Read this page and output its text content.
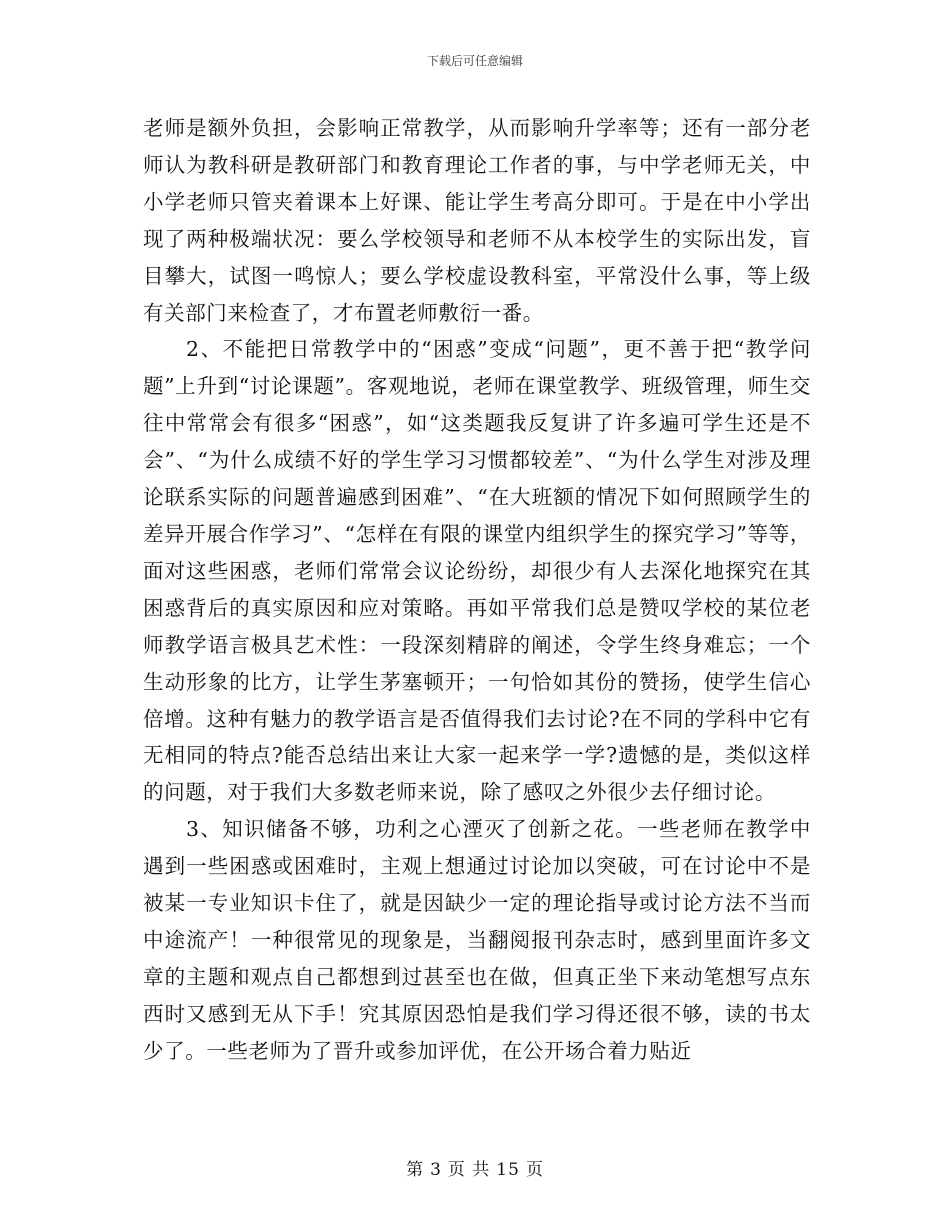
下载后可任意编辑

老师是额外负担，会影响正常教学，从而影响升学率等；还有一部分老师认为教科研是教研部门和教育理论工作者的事，与中学老师无关，中小学老师只管夹着课本上好课、能让学生考高分即可。于是在中小学出现了两种极端状况：要么学校领导和老师不从本校学生的实际出发，盲目攀大，试图一鸣惊人；要么学校虚设教科室，平常没什么事，等上级有关部门来检查了，才布置老师敷衍一番。

2、不能把日常教学中的“困惑”变成“问题”，更不善于把“教学问题”上升到“讨论课题”。客观地说，老师在课堂教学、班级管理，师生交往中常常会有很多“困惑”，如“这类题我反复讲了许多遍可学生还是不会”、“为什么成绩不好的学生学习习惯都较差”、“为什么学生对涉及理论联系实际的问题普遍感到困难”、“在大班额的情况下如何照顾学生的差异开展合作学习”、“怎样在有限的课堂内组织学生的探究学习”等等，面对这些困惑，老师们常常会议论纷纷，却很少有人去深化地探究在其困惑背后的真实原因和应对策略。再如平常我们总是赞叹学校的某位老师教学语言极具艺术性：一段深刻精辟的阐述，令学生终身难忘；一个生动形象的比方，让学生茅塞顿开；一句恰如其份的赞扬，使学生信心倍增。这种有魅力的教学语言是否值得我们去讨论?在不同的学科中它有无相同的特点?能否总结出来让大家一起来学一学?遗憾的是，类似这样的问题，对于我们大多数老师来说，除了感叹之外很少去仔细讨论。

3、知识储备不够，功利之心湮灭了创新之花。一些老师在教学中遇到一些困惑或困难时，主观上想通过讨论加以突破，可在讨论中不是被某一专业知识卡住了，就是因缺少一定的理论指导或讨论方法不当而中途流产！一种很常见的现象是，当翻阅报刊杂志时，感到里面许多文章的主题和观点自己都想到过甚至也在做，但真正坐下来动笔想写点东西时又感到无从下手！究其原因恐怕是我们学习得还很不够，读的书太少了。一些老师为了晋升或参加评优，在公开场合着力贴近

第 3 页 共 15 页
